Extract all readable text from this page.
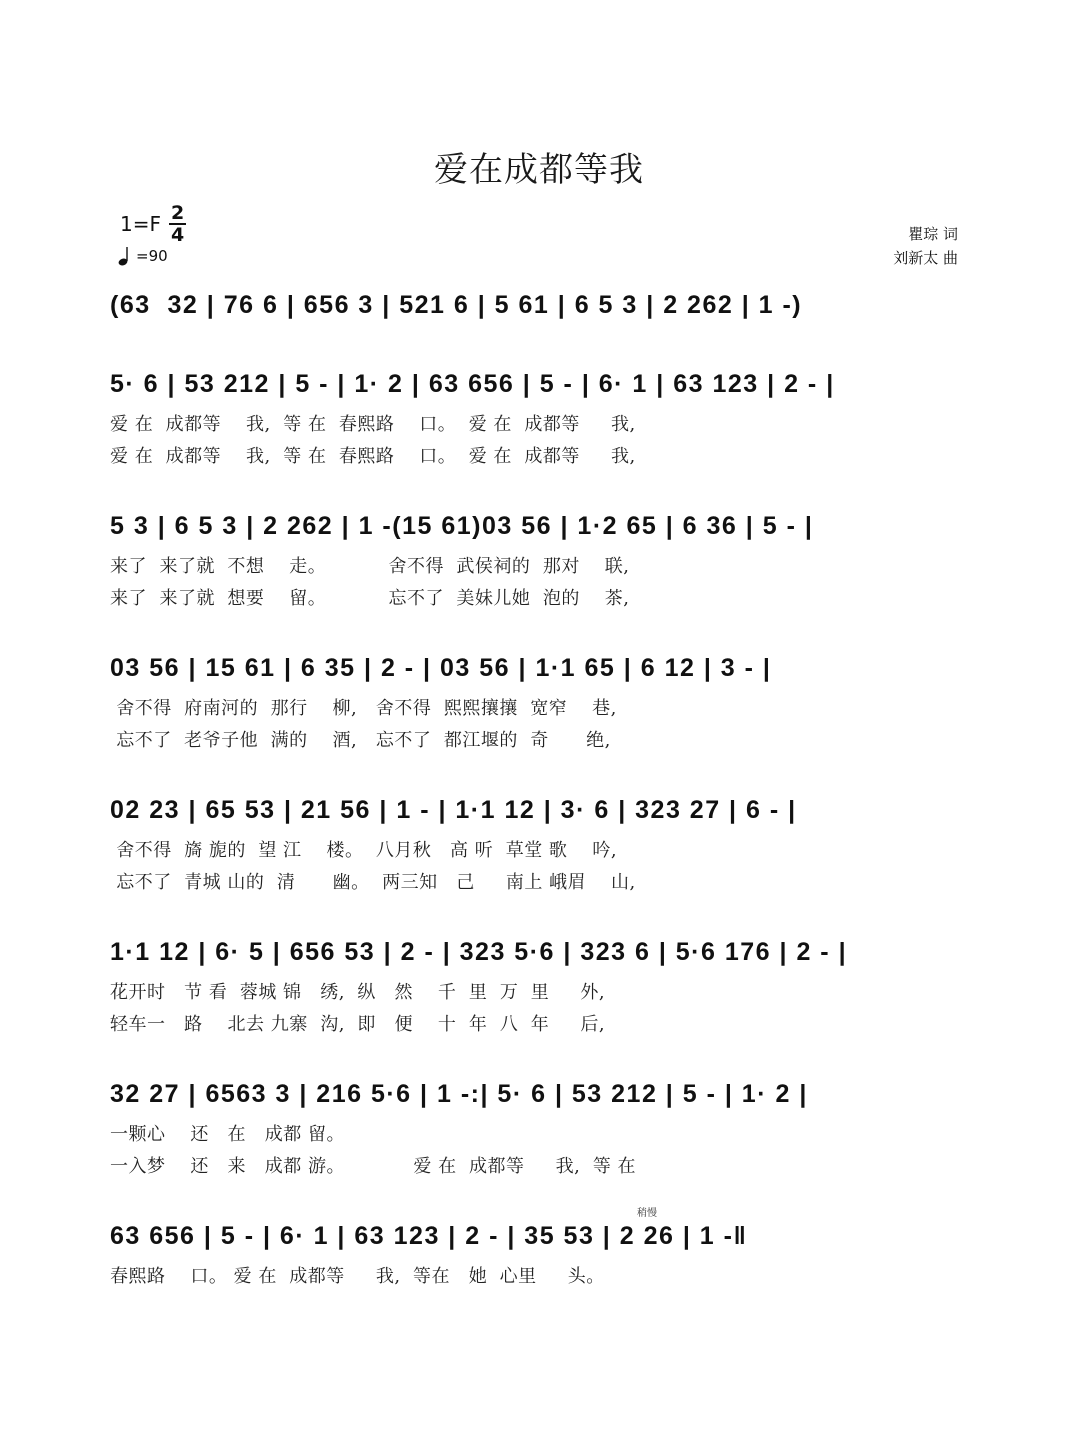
爱在成都等我
1=F 2
4
=90
瞿琮 词
刘新太 曲
稍慢
(63  32 | 76 6 | 656 3 | 521 6 | 5 61 | 6 5 3 | 2 262 | 1 -)
5· 6 | 53 212 | 5 - | 1· 2 | 63 656 | 5 - | 6· 1 | 63 123 | 2 - |
爱 在  成都等    我,  等 在  春熙路    口。  爱 在  成都等     我,
爱 在  成都等    我,  等 在  春熙路    口。  爱 在  成都等     我,
5 3 | 6 5 3 | 2 262 | 1 -(15 61)03 56 | 1·2 65 | 6 36 | 5 - |
来了  来了就  不想    走。          舍不得  武侯祠的  那对    联,
来了  来了就  想要    留。          忘不了  美妹儿她  泡的    茶,
03 56 | 15 61 | 6 35 | 2 - | 03 56 | 1·1 65 | 6 12 | 3 - |
舍不得  府南河的  那行    柳,   舍不得  熙熙攘攘  宽窄    巷,
忘不了  老爷子他  满的    酒,   忘不了  都江堰的  奇      绝,
02 23 | 65 53 | 21 56 | 1 - | 1·1 12 | 3· 6 | 323 27 | 6 - |
舍不得  旖 旎的  望 江    楼。  八月秋   高 听  草堂 歌    吟,
忘不了  青城 山的  清      幽。  两三知   己     南上 峨眉    山,
1·1 12 | 6· 5 | 656 53 | 2 - | 323 5·6 | 323 6 | 5·6 176 | 2 - |
花开时   节 看  蓉城 锦   绣,  纵   然    千  里  万  里     外,
轻车一   路    北去 九寨  沟,  即   便    十  年  八  年     后,
32 27 | 6563 3 | 216 5·6 | 1 -:| 5· 6 | 53 212 | 5 - | 1· 2 |
一颗心    还   在   成都 留。
一入梦    还   来   成都 游。           爱 在  成都等     我,  等 在
63 656 | 5 - | 6· 1 | 63 123 | 2 - | 35 53 | 2 26 | 1 -‖
春熙路    口。 爱 在  成都等     我,  等在   她  心里     头。
